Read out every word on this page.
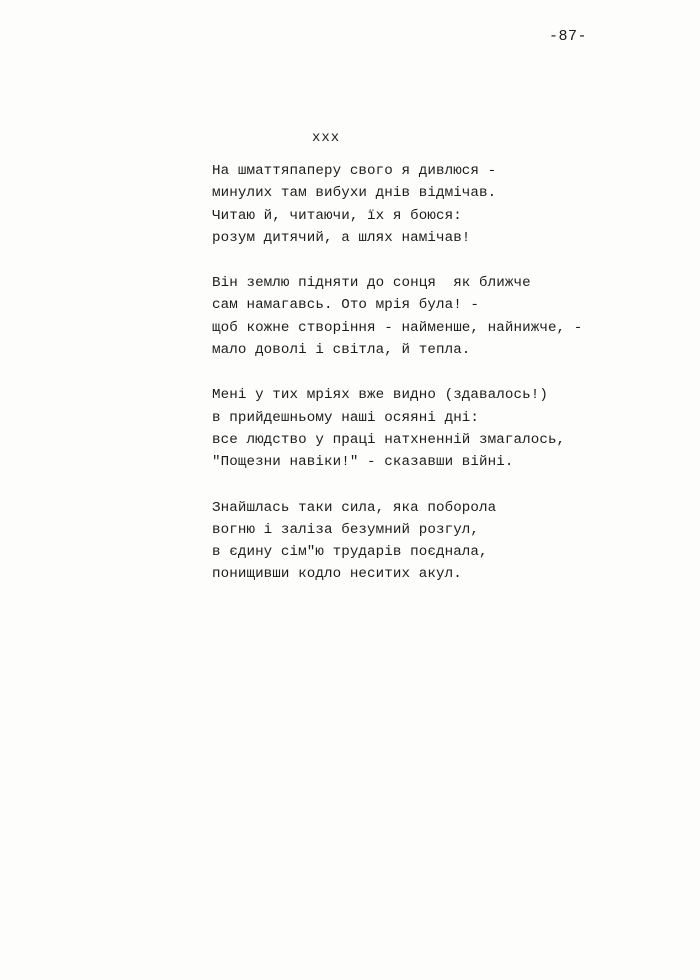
-87-
xxx
На шматтяпаперу свого я дивлюся -
минулих там вибухи днів відмічав.
Читаю й, читаючи, їх я боюся:
розум дитячий, а шлях намічав!
Він землю підняти до сонця  як ближче
сам намагавсь. Ото мрія була! -
щоб кожне створіння - найменше, найнижче, -
мало доволі і світла, й тепла.
Мені у тих мріях вже видно (здавалось!)
в прийдешньому наші осяяні дні:
все людство у праці натхненній змагалось,
"Пощезни навіки!" - сказавши війні.
Знайшлась таки сила, яка поборола
вогню і заліза безумний розгул,
в єдину сім"ю трударів поєднала,
понищивши кодло неситих акул.
